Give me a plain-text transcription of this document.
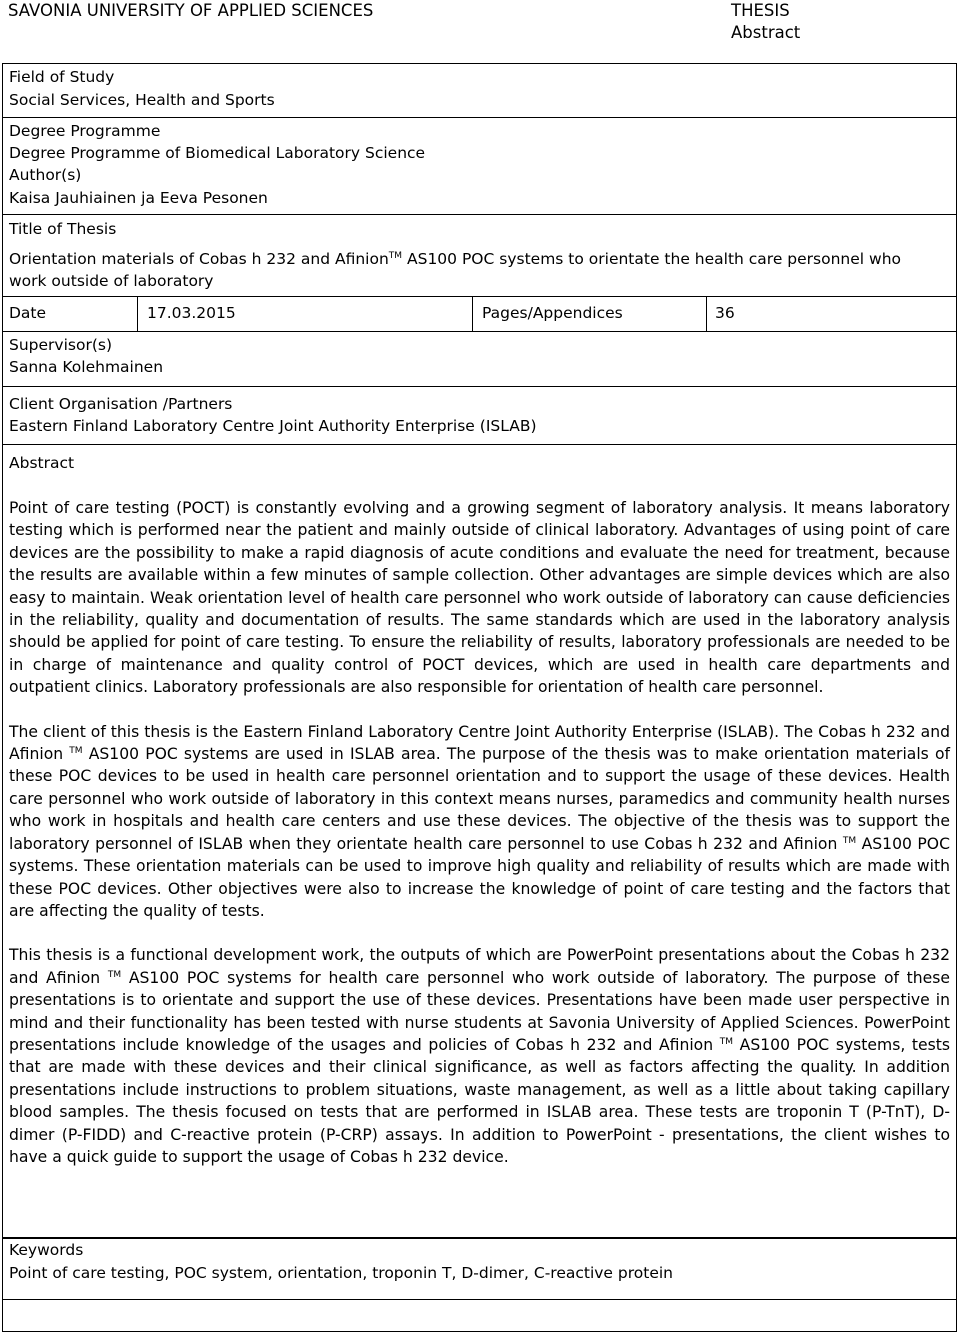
SAVONIA UNIVERSITY OF APPLIED SCIENCES	THESIS
Abstract
Field of Study
Social Services, Health and Sports
Degree Programme
Degree Programme of Biomedical Laboratory Science
Author(s)
Kaisa Jauhiainen ja Eeva Pesonen
Title of Thesis
Orientation materials of Cobas h 232 and Afinion™ AS100 POC systems to orientate the health care personnel who
work outside of laboratory
Date	17.03.2015	Pages/Appendices	36
Supervisor(s)
Sanna Kolehmainen
Client Organisation /Partners
Eastern Finland Laboratory Centre Joint Authority Enterprise (ISLAB)
Abstract

Point of care testing (POCT) is constantly evolving and a growing segment of laboratory analysis. It means laboratory testing which is performed near the patient and mainly outside of clinical laboratory. Advantages of using point of care devices are the possibility to make a rapid diagnosis of acute conditions and evaluate the need for treatment, because the results are available within a few minutes of sample collection. Other advantages are simple devices which are also easy to maintain. Weak orientation level of health care personnel who work outside of laboratory can cause deficiencies in the reliability, quality and documentation of results. The same standards which are used in the laboratory analysis should be applied for point of care testing. To ensure the reliability of results, laboratory professionals are needed to be in charge of maintenance and quality control of POCT devices, which are used in health care departments and outpatient clinics. Laboratory professionals are also responsible for orientation of health care personnel.

The client of this thesis is the Eastern Finland Laboratory Centre Joint Authority Enterprise (ISLAB). The Cobas h 232 and Afinion ™ AS100 POC systems are used in ISLAB area. The purpose of the thesis was to make orientation materials of these POC devices to be used in health care personnel orientation and to support the usage of these devices. Health care personnel who work outside of laboratory in this context means nurses, paramedics and community health nurses who work in hospitals and health care centers and use these devices. The objective of the thesis was to support the laboratory personnel of ISLAB when they orientate health care personnel to use Cobas h 232 and Afinion ™ AS100 POC systems. These orientation materials can be used to improve high quality and reliability of results which are made with these POC devices. Other objectives were also to increase the knowledge of point of care testing and the factors that are affecting the quality of tests.

This thesis is a functional development work, the outputs of which are PowerPoint presentations about the Cobas h 232 and Afinion ™ AS100 POC systems for health care personnel who work outside of laboratory. The purpose of these presentations is to orientate and support the use of these devices. Presentations have been made user perspective in mind and their functionality has been tested with nurse students at Savonia University of Applied Sciences. PowerPoint presentations include knowledge of the usages and policies of Cobas h 232 and Afinion ™ AS100 POC systems, tests that are made with these devices and their clinical significance, as well as factors affecting the quality. In addition presentations include instructions to problem situations, waste management, as well as a little about taking capillary blood samples. The thesis focused on tests that are performed in ISLAB area. These tests are troponin T (P-TnT), D-dimer (P-FIDD) and C-reactive protein (P-CRP) assays. In addition to PowerPoint - presentations, the client wishes to have a quick guide to support the usage of Cobas h 232 device.

Keywords
Point of care testing, POC system, orientation, troponin T, D-dimer, C-reactive protein
